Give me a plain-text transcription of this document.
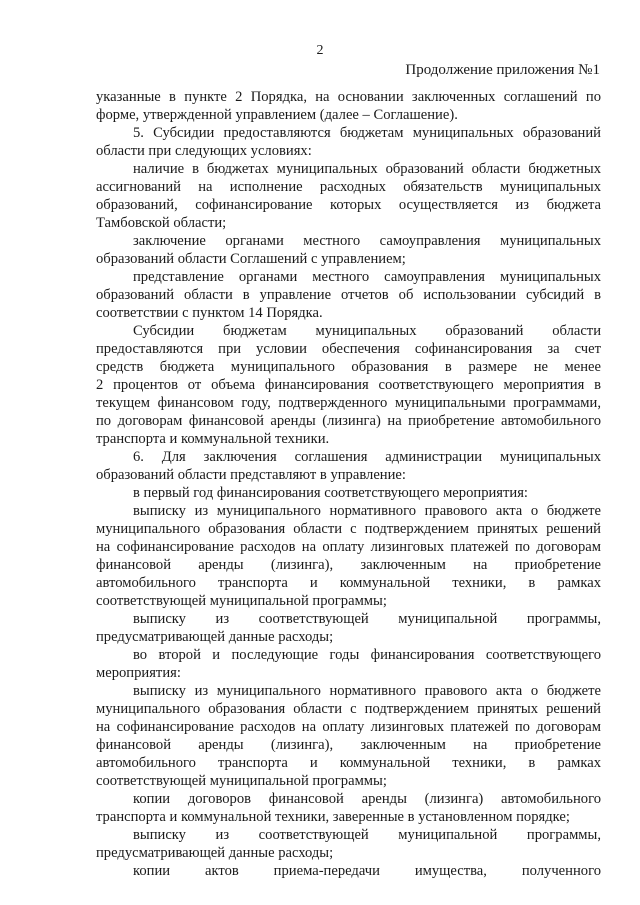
2
Продолжение приложения №1
указанные в пункте 2 Порядка, на основании заключенных соглашений по
форме, утвержденной управлением (далее – Соглашение).
5. Субсидии предоставляются бюджетам муниципальных образований
области при следующих условиях:
наличие в бюджетах муниципальных образований области бюджетных
ассигнований на исполнение расходных обязательств муниципальных
образований, софинансирование которых осуществляется из бюджета
Тамбовской области;
заключение органами местного самоуправления муниципальных
образований области Соглашений с управлением;
представление органами местного самоуправления муниципальных
образований области в управление отчетов об использовании субсидий в
соответствии с пунктом 14 Порядка.
Субсидии бюджетам муниципальных образований области
предоставляются при условии обеспечения софинансирования за счет
средств бюджета муниципального образования в размере не менее
2 процентов от объема финансирования соответствующего мероприятия в
текущем финансовом году, подтвержденного муниципальными программами,
по договорам финансовой аренды (лизинга) на приобретение автомобильного
транспорта и коммунальной техники.
6. Для заключения соглашения администрации муниципальных
образований области представляют в управление:
в первый год финансирования соответствующего мероприятия:
выписку из муниципального нормативного правового акта о бюджете
муниципального образования области с подтверждением принятых решений
на софинансирование расходов на оплату лизинговых платежей по договорам
финансовой аренды (лизинга), заключенным на приобретение
автомобильного транспорта и коммунальной техники, в рамках
соответствующей муниципальной программы;
выписку из соответствующей муниципальной программы,
предусматривающей данные расходы;
во второй и последующие годы финансирования соответствующего
мероприятия:
выписку из муниципального нормативного правового акта о бюджете
муниципального образования области с подтверждением принятых решений
на софинансирование расходов на оплату лизинговых платежей по договорам
финансовой аренды (лизинга), заключенным на приобретение
автомобильного транспорта и коммунальной техники, в рамках
соответствующей муниципальной программы;
копии договоров финансовой аренды (лизинга) автомобильного
транспорта и коммунальной техники, заверенные в установленном порядке;
выписку из соответствующей муниципальной программы,
предусматривающей данные расходы;
копии актов приема-передачи имущества, полученного
